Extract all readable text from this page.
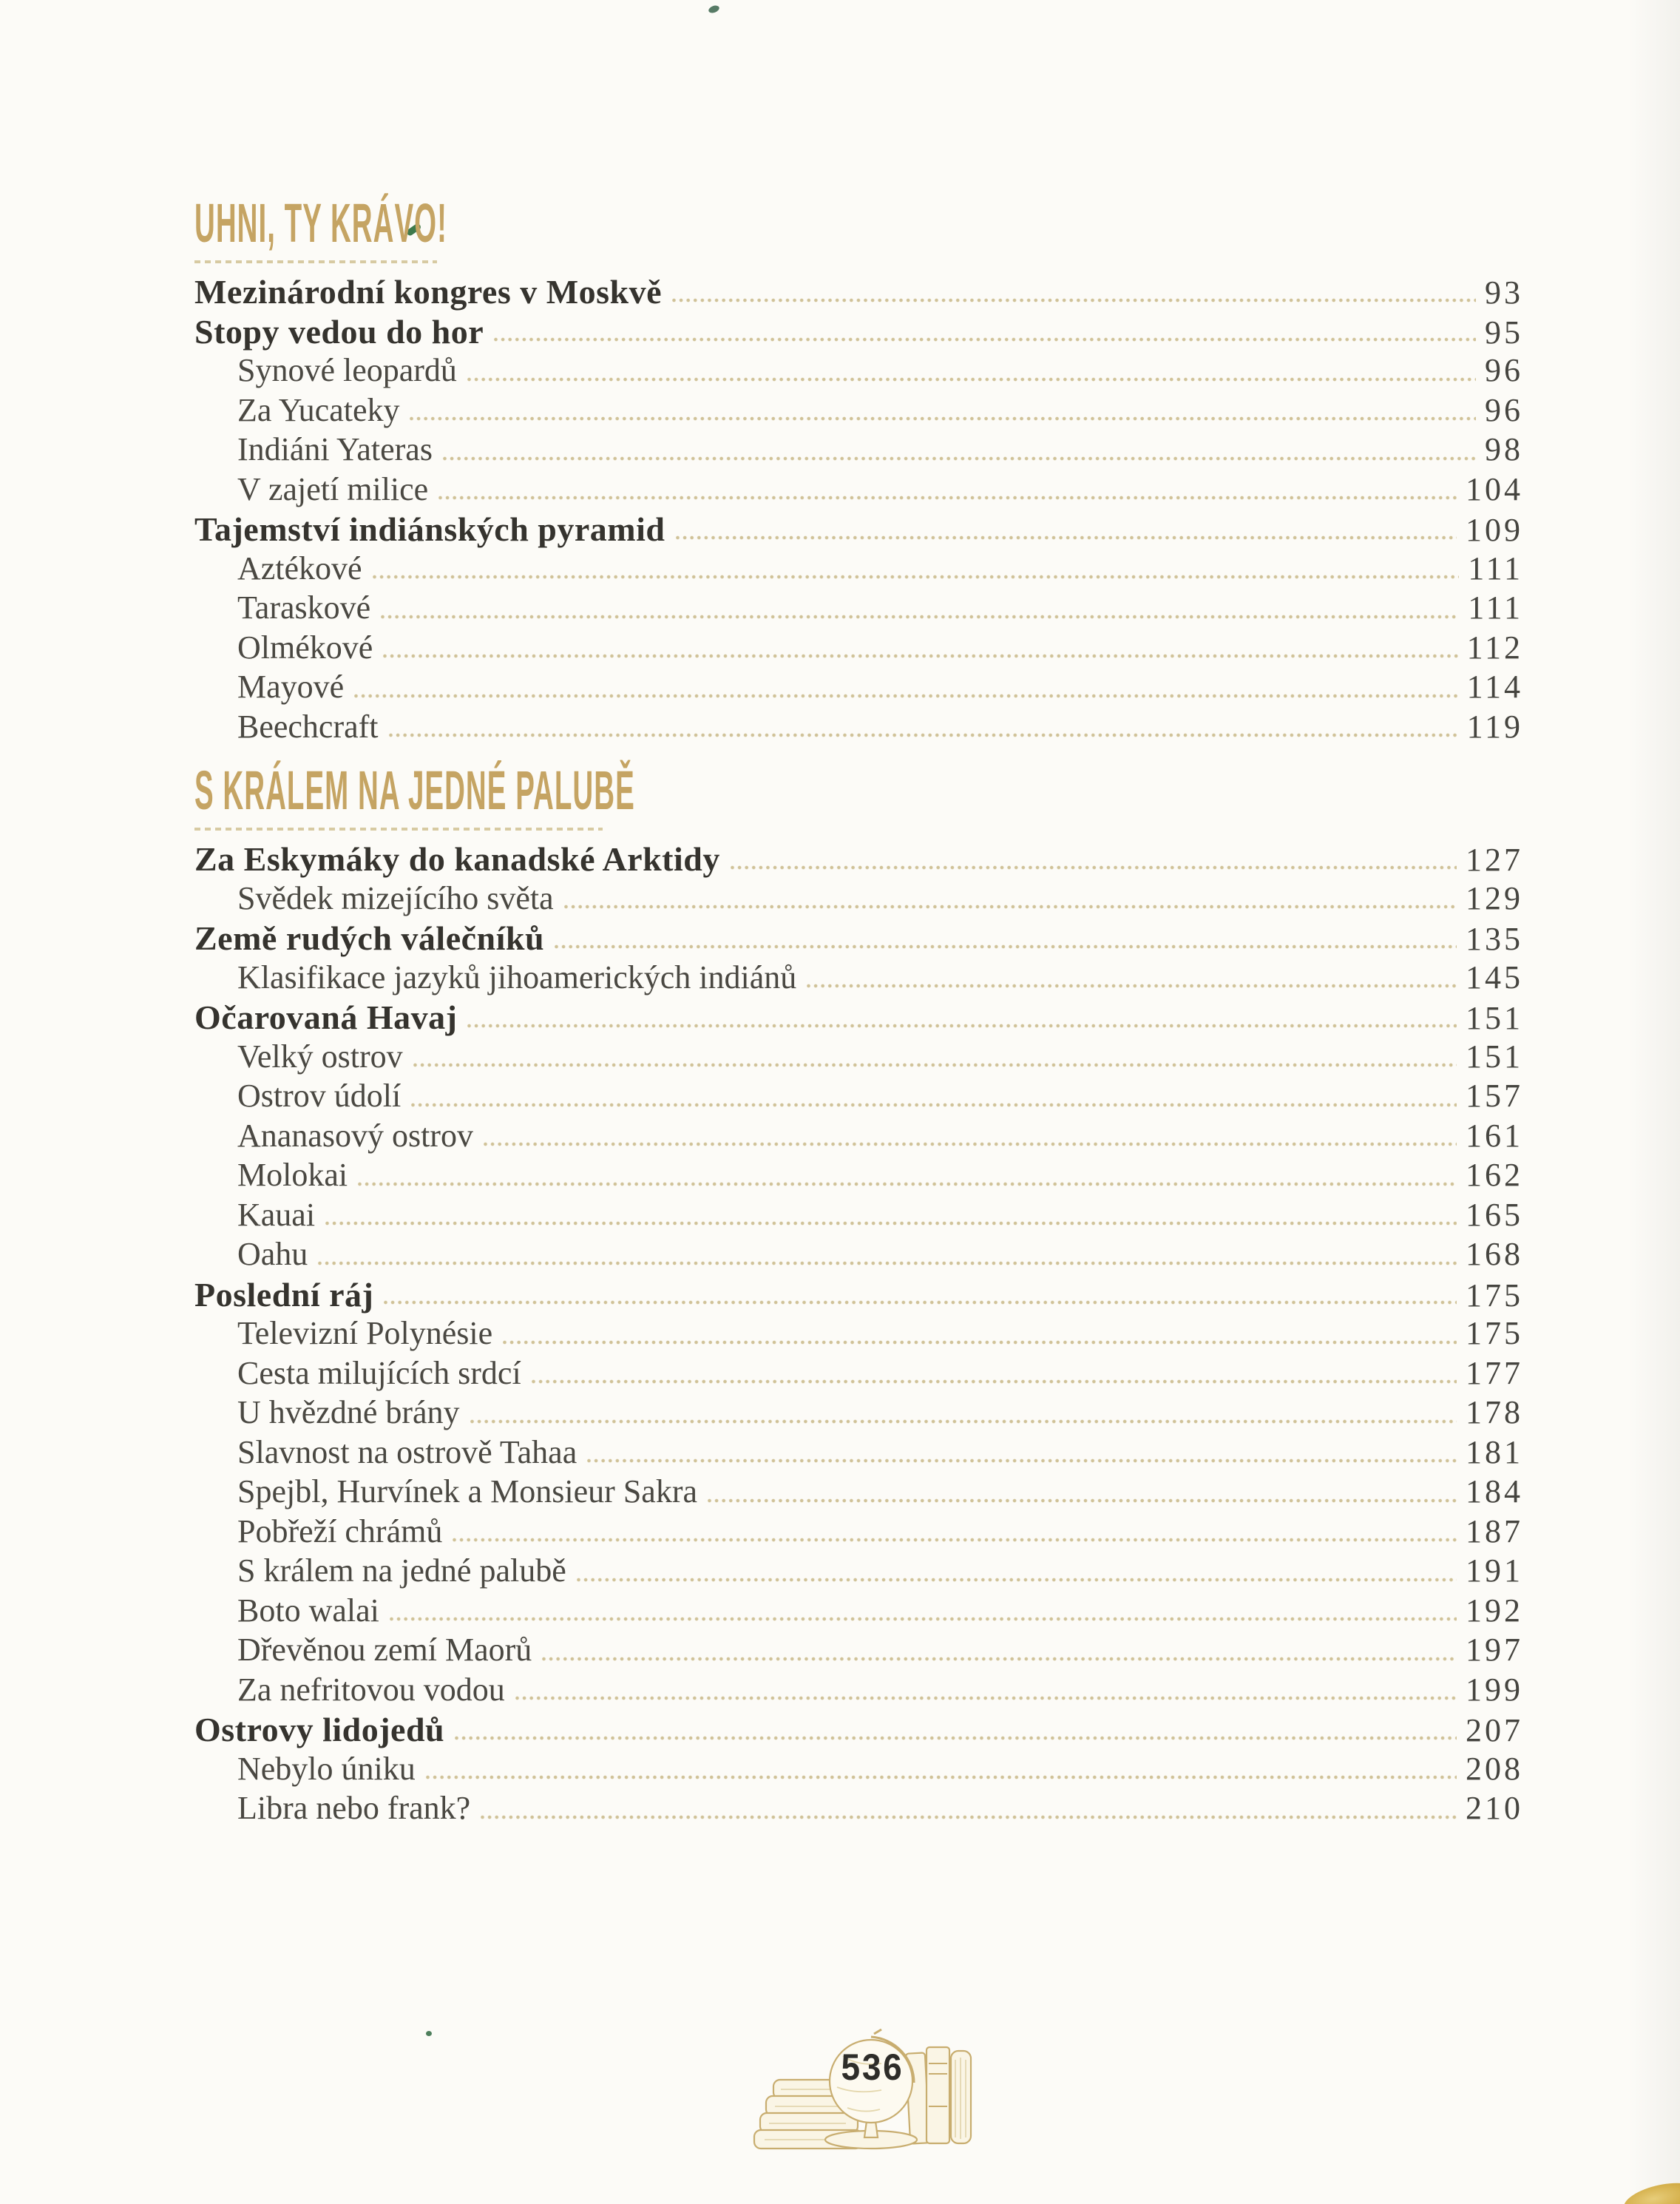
UHNI, TY KRÁVO!
Mezinárodní kongres v Moskvě	93
Stopy vedou do hor	95
Synové leopardů	96
Za Yucateky	96
Indiáni Yateras	98
V zajetí milice	104
Tajemství indiánských pyramid	109
Aztékové	111
Taraskové	111
Olmékové	112
Mayové	114
Beechcraft	119
S KRÁLEM NA JEDNÉ PALUBĚ
Za Eskymáky do kanadské Arktidy	127
Svědek mizejícího světa	129
Země rudých válečníků	135
Klasifikace jazyků jihoamerických indiánů	145
Očarovaná Havaj	151
Velký ostrov	151
Ostrov údolí	157
Ananasový ostrov	161
Molokai	162
Kauai	165
Oahu	168
Poslední ráj	175
Televizní Polynésie	175
Cesta milujících srdcí	177
U hvězdné brány	178
Slavnost na ostrově Tahaa	181
Spejbl, Hurvínek a Monsieur Sakra	184
Pobřeží chrámů	187
S králem na jedné palubě	191
Boto walai	192
Dřevěnou zemí Maorů	197
Za nefritovou vodou	199
Ostrovy lidojedů	207
Nebylo úniku	208
Libra nebo frank?	210
536
